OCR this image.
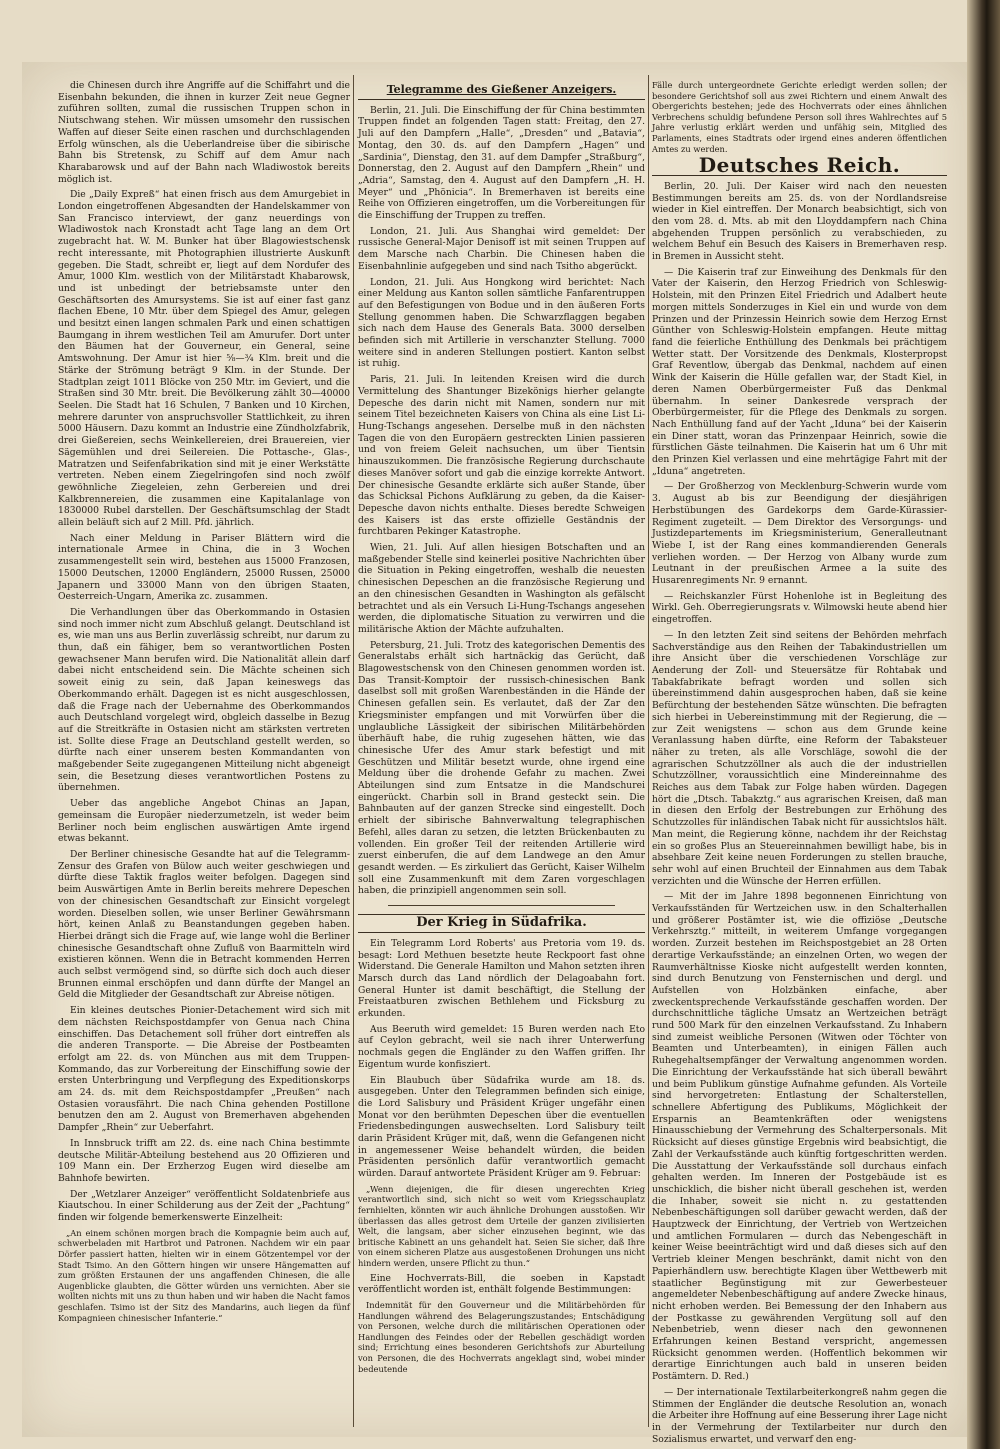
die Chinesen durch ihre Angriffe auf die Schiffahrt und die Eisenbahn bekunden, die ihnen in kurzer Zeit neue Gegner zuführen sollten, zumal die russischen Truppen schon in Niutschwang stehen. Wir müssen umsomehr den russischen Waffen auf dieser Seite einen raschen und durchschlagenden Erfolg wünschen, als die Ueberlandreise über die sibirische Bahn bis Stretensk, zu Schiff auf dem Amur nach Kharabarowsk und auf der Bahn nach Wladiwostok bereits möglich ist.

Die „Daily Expreß“ hat einen frisch aus dem Amurgebiet in London eingetroffenen Abgesandten der Handelskammer von San Francisco interviewt, der ganz neuerdings von Wladiwostok nach Kronstadt acht Tage lang an dem Ort zugebracht hat. W. M. Bunker hat über Blagowiestschensk recht interessante, mit Photographien illustrierte Auskunft gegeben. Die Stadt, schreibt er, liegt auf dem Nordufer des Amur, 1000 Klm. westlich von der Militärstadt Khabarowsk, und ist unbedingt der betriebsamste unter den Geschäftsorten des Amursystems. Sie ist auf einer fast ganz flachen Ebene, 10 Mtr. über dem Spiegel des Amur, gelegen und besitzt einen langen schmalen Park und einen schattigen Baumgang in ihrem westlichen Teil am Amurufer. Dort unter den Bäumen hat der Gouverneur, ein General, seine Amtswohnung. Der Amur ist hier ⅝—¾ Klm. breit und die Stärke der Strömung beträgt 9 Klm. in der Stunde. Der Stadtplan zeigt 1011 Blöcke von 250 Mtr. im Geviert, und die Straßen sind 30 Mtr. breit. Die Bevölkerung zählt 30—40000 Seelen. Die Stadt hat 16 Schulen, 7 Banken und 10 Kirchen, mehrere darunter von anspruchsvoller Stattlichkeit, zu ihren 5000 Häusern. Dazu kommt an Industrie eine Zündholzfabrik, drei Gießereien, sechs Weinkellereien, drei Brauereien, vier Sägemühlen und drei Seilereien. Die Pottasche-, Glas-, Matratzen und Seifenfabrikation sind mit je einer Werkstätte vertreten. Neben einem Ziegelringofen sind noch zwölf gewöhnliche Ziegeleien, zehn Gerbereien und drei Kalkbrennereien, die zusammen eine Kapitalanlage von 1830000 Rubel darstellen. Der Geschäftsumschlag der Stadt allein beläuft sich auf 2 Mill. Pfd. jährlich.

Nach einer Meldung in Pariser Blättern wird die internationale Armee in China, die in 3 Wochen zusammengestellt sein wird, bestehen aus 15000 Franzosen, 15000 Deutschen, 12000 Engländern, 25000 Russen, 25000 Japanern und 33000 Mann von den übrigen Staaten, Oesterreich-Ungarn, Amerika zc. zusammen.

Die Verhandlungen über das Oberkommando in Ostasien sind noch immer nicht zum Abschluß gelangt. Deutschland ist es, wie man uns aus Berlin zuverlässig schreibt, nur darum zu thun, daß ein fähiger, bem so verantwortlichen Posten gewachsener Mann berufen wird. Die Nationalität allein darf dabei nicht entscheidend sein. Die Mächte scheinen sich soweit einig zu sein, daß Japan keineswegs das Oberkommando erhält. Dagegen ist es nicht ausgeschlossen, daß die Frage nach der Uebernahme des Oberkommandos auch Deutschland vorgelegt wird, obgleich dasselbe in Bezug auf die Streitkräfte in Ostasien nicht am stärksten vertreten ist. Sollte diese Frage an Deutschland gestellt werden, so dürfte nach einer unserem besten Kommandanten von maßgebender Seite zugegangenen Mitteilung nicht abgeneigt sein, die Besetzung dieses verantwortlichen Postens zu übernehmen.

Ueber das angebliche Angebot Chinas an Japan, gemeinsam die Europäer niederzumetzeln, ist weder beim Berliner noch beim englischen auswärtigen Amte irgend etwas bekannt.

Der Berliner chinesische Gesandte hat auf die Telegramm-Zensur des Grafen von Bülow auch weiter geschwiegen und dürfte diese Taktik fraglos weiter befolgen. Dagegen sind beim Auswärtigen Amte in Berlin bereits mehrere Depeschen von der chinesischen Gesandtschaft zur Einsicht vorgelegt worden. Dieselben sollen, wie unser Berliner Gewährsmann hört, keinen Anlaß zu Beanstandungen gegeben haben. Hierbei drängt sich die Frage auf, wie lange wohl die Berliner chinesische Gesandtschaft ohne Zufluß von Baarmitteln wird existieren können. Wenn die in Betracht kommenden Herren auch selbst vermögend sind, so dürfte sich doch auch dieser Brunnen einmal erschöpfen und dann dürfte der Mangel an Geld die Mitglieder der Gesandtschaft zur Abreise nötigen.

Ein kleines deutsches Pionier-Detachement wird sich mit dem nächsten Reichspostdampfer von Genua nach China einschiffen. Das Detachement soll früher dort eintreffen als die anderen Transporte. — Die Abreise der Postbeamten erfolgt am 22. ds. von München aus mit dem Truppen-Kommando, das zur Vorbereitung der Einschiffung sowie der ersten Unterbringung und Verpflegung des Expeditionskorps am 24. ds. mit dem Reichspostdampfer „Preußen“ nach Ostasien vorausfährt. Die nach China gehenden Postillone benutzen den am 2. August von Bremerhaven abgehenden Dampfer „Rhein“ zur Ueberfahrt.

In Innsbruck trifft am 22. ds. eine nach China bestimmte deutsche Militär-Abteilung bestehend aus 20 Offizieren und 109 Mann ein. Der Erzherzog Eugen wird dieselbe am Bahnhofe bewirten.

Der „Wetzlarer Anzeiger“ veröffentlicht Soldatenbriefe aus Kiautschou. In einer Schilderung aus der Zeit der „Pachtung“ finden wir folgende bemerkenswerte Einzelheit:

„An einem schönen morgen brach die Kompagnie beim auch auf, schwerbeladen mit Hartbrot und Patronen. Nachdem wir ein paar Dörfer passiert hatten, hielten wir in einem Götzentempel vor der Stadt Tsimo. An den Göttern hingen wir unsere Hängematten auf zum größten Erstaunen der uns angaffenden Chinesen, die alle Augenblicke glaubten, die Götter würden uns vernichten. Aber sie wollten nichts mit uns zu thun haben und wir haben die Nacht famos geschlafen. Tsimo ist der Sitz des Mandarins, auch liegen da fünf Kompagnieen chinesischer Infanterie.“

Telegramme des Gießener Anzeigers.

Berlin, 21. Juli. Die Einschiffung der für China bestimmten Truppen findet an folgenden Tagen statt: Freitag, den 27. Juli auf den Dampfern „Halle“, „Dresden“ und „Batavia“, Montag, den 30. ds. auf den Dampfern „Hagen“ und „Sardinia“, Dienstag, den 31. auf dem Dampfer „Straßburg“, Donnerstag, den 2. August auf den Dampfern „Rhein“ und „Adria“, Samstag, den 4. August auf den Dampfern „H. H. Meyer“ und „Phönicia“. In Bremerhaven ist bereits eine Reihe von Offizieren eingetroffen, um die Vorbereitungen für die Einschiffung der Truppen zu treffen.

London, 21. Juli. Aus Shanghai wird gemeldet: Der russische General-Major Denisoff ist mit seinen Truppen auf dem Marsche nach Charbin. Die Chinesen haben die Eisenbahnlinie aufgegeben und sind nach Tsitho abgerückt.

London, 21. Juli. Aus Hongkong wird berichtet: Nach einer Meldung aus Kanton sollen sämtliche Fanfarentruppen auf den Befestigungen von Bodue und in den äußeren Forts Stellung genommen haben. Die Schwarzflaggen begaben sich nach dem Hause des Generals Bata. 3000 derselben befinden sich mit Artillerie in verschanzter Stellung. 7000 weitere sind in anderen Stellungen postiert. Kanton selbst ist ruhig.

Paris, 21. Juli. In leitenden Kreisen wird die durch Vermittelung des Shantunger Bizekönigs hierher gelangte Depesche des darin nicht mit Namen, sondern nur mit seinem Titel bezeichneten Kaisers von China als eine List Li-Hung-Tschangs angesehen. Derselbe muß in den nächsten Tagen die von den Europäern gestreckten Linien passieren und von freiem Geleit nachsuchen, um über Tientsin hinauszukommen. Die französische Regierung durchschaute dieses Manöver sofort und gab die einzige korrekte Antwort. Der chinesische Gesandte erklärte sich außer Stande, über das Schicksal Pichons Aufklärung zu geben, da die Kaiser-Depesche davon nichts enthalte. Dieses beredte Schweigen des Kaisers ist das erste offizielle Geständnis der furchtbaren Pekinger Katastrophe.

Wien, 21. Juli. Auf allen hiesigen Botschaften und an maßgebender Stelle sind keinerlei positive Nachrichten über die Situation in Peking eingetroffen, weshalb die neuesten chinesischen Depeschen an die französische Regierung und an den chinesischen Gesandten in Washington als gefälscht betrachtet und als ein Versuch Li-Hung-Tschangs angesehen werden, die diplomatische Situation zu verwirren und die militärische Aktion der Mächte aufzuhalten.

Petersburg, 21. Juli. Trotz des kategorischen Dementis des Generalstabs erhält sich hartnäckig das Gerücht, daß Blagowestschensk von den Chinesen genommen worden ist. Das Transit-Komptoir der russisch-chinesischen Bank daselbst soll mit großen Warenbeständen in die Hände der Chinesen gefallen sein. Es verlautet, daß der Zar den Kriegsminister empfangen und mit Vorwürfen über die unglaubliche Lässigkeit der sibirischen Militärbehörden überhäuft habe, die ruhig zugesehen hätten, wie das chinesische Ufer des Amur stark befestigt und mit Geschützen und Militär besetzt wurde, ohne irgend eine Meldung über die drohende Gefahr zu machen. Zwei Abteilungen sind zum Entsatze in die Mandschurei eingerückt. Charbin soll in Brand gesteckt sein. Die Bahnbauten auf der ganzen Strecke sind eingestellt. Doch erhielt der sibirische Bahnverwaltung telegraphischen Befehl, alles daran zu setzen, die letzten Brückenbauten zu vollenden. Ein großer Teil der reitenden Artillerie wird zuerst einberufen, die auf dem Landwege an den Amur gesandt werden. — Es zirkuliert das Gerücht, Kaiser Wilhelm soll eine Zusammenkunft mit dem Zaren vorgeschlagen haben, die prinzipiell angenommen sein soll.

Der Krieg in Südafrika.

Ein Telegramm Lord Roberts' aus Pretoria vom 19. ds. besagt: Lord Methuen besetzte heute Reckpoort fast ohne Widerstand. Die Generale Hamilton und Mahon setzten ihren Marsch durch das Land nördlich der Delagoabahn fort. General Hunter ist damit beschäftigt, die Stellung der Freistaatburen zwischen Bethlehem und Ficksburg zu erkunden.

Aus Beeruth wird gemeldet: 15 Buren werden nach Eto auf Ceylon gebracht, weil sie nach ihrer Unterwerfung nochmals gegen die Engländer zu den Waffen griffen. Ihr Eigentum wurde konfisziert.

Ein Blaubuch über Südafrika wurde am 18. ds. ausgegeben. Unter den Telegrammen befinden sich einige, die Lord Salisbury und Präsident Krüger ungefähr einen Monat vor den berühmten Depeschen über die eventuellen Friedensbedingungen auswechselten. Lord Salisbury teilt darin Präsident Krüger mit, daß, wenn die Gefangenen nicht in angemessener Weise behandelt würden, die beiden Präsidenten persönlich dafür verantwortlich gemacht würden. Darauf antwortete Präsident Krüger am 9. Februar:

„Wenn diejenigen, die für diesen ungerechten Krieg verantwortlich sind, sich nicht so weit vom Kriegsschauplatz fernhielten, könnten wir auch ähnliche Drohungen ausstoßen. Wir überlassen das alles getrost dem Urteile der ganzen zivilisierten Welt, die langsam, aber sicher einzusehen beginnt, wie das britische Kabinett an uns gehandelt hat. Seien Sie sicher, daß Ihre von einem sicheren Platze aus ausgestoßenen Drohungen uns nicht hindern werden, unsere Pflicht zu thun.“

Eine Hochverrats-Bill, die soeben in Kapstadt veröffentlicht worden ist, enthält folgende Bestimmungen:

Indemnität für den Gouverneur und die Militärbehörden für Handlungen während des Belagerungszustandes; Entschädigung von Personen, welche durch die militärischen Operationen oder Handlungen des Feindes oder der Rebellen geschädigt worden sind; Errichtung eines besonderen Gerichtshofs zur Aburteilung von Personen, die des Hochverrats angeklagt sind, wobei minder bedeutende

Fälle durch untergeordnete Gerichte erledigt werden sollen; der besondere Gerichtshof soll aus zwei Richtern und einem Anwalt des Obergerichts bestehen; jede des Hochverrats oder eines ähnlichen Verbrechens schuldig befundene Person soll ihres Wahlrechtes auf 5 Jahre verlustig erklärt werden und unfähig sein, Mitglied des Parlaments, eines Stadtrats oder irgend eines anderen öffentlichen Amtes zu werden.

Deutsches Reich.

Berlin, 20. Juli. Der Kaiser wird nach den neuesten Bestimmungen bereits am 25. ds. von der Nordlandsreise wieder in Kiel eintreffen. Der Monarch beabsichtigt, sich von den vom 28. d. Mts. ab mit den Lloyddampfern nach China abgehenden Truppen persönlich zu verabschieden, zu welchem Behuf ein Besuch des Kaisers in Bremerhaven resp. in Bremen in Aussicht steht.

— Die Kaiserin traf zur Einweihung des Denkmals für den Vater der Kaiserin, den Herzog Friedrich von Schleswig-Holstein, mit den Prinzen Eitel Friedrich und Adalbert heute morgen mittels Sonderzuges in Kiel ein und wurde von dem Prinzen und der Prinzessin Heinrich sowie dem Herzog Ernst Günther von Schleswig-Holstein empfangen. Heute mittag fand die feierliche Enthüllung des Denkmals bei prächtigem Wetter statt. Der Vorsitzende des Denkmals, Klosterpropst Graf Reventlow, übergab das Denkmal, nachdem auf einen Wink der Kaiserin die Hülle gefallen war, der Stadt Kiel, in deren Namen Oberbürgermeister Fuß das Denkmal übernahm. In seiner Dankesrede versprach der Oberbürgermeister, für die Pflege des Denkmals zu sorgen. Nach Enthüllung fand auf der Yacht „Iduna“ bei der Kaiserin ein Diner statt, woran das Prinzenpaar Heinrich, sowie die fürstlichen Gäste teilnahmen. Die Kaiserin hat um 6 Uhr mit den Prinzen Kiel verlassen und eine mehrtägige Fahrt mit der „Iduna“ angetreten.

— Der Großherzog von Mecklenburg-Schwerin wurde vom 3. August ab bis zur Beendigung der diesjährigen Herbstübungen des Gardekorps dem Garde-Kürassier-Regiment zugeteilt. — Dem Direktor des Versorgungs- und Justizdepartements im Kriegsministerium, Generalleutnant Wiebe I, ist der Rang eines kommandierenden Generals verliehen worden. — Der Herzog von Albany wurde zum Leutnant in der preußischen Armee a la suite des Husarenregiments Nr. 9 ernannt.

— Reichskanzler Fürst Hohenlohe ist in Begleitung des Wirkl. Geh. Oberregierungsrats v. Wilmowski heute abend hier eingetroffen.

— In den letzten Zeit sind seitens der Behörden mehrfach Sachverständige aus den Reihen der Tabakindustriellen um ihre Ansicht über die verschiedenen Vorschläge zur Aenderung der Zoll- und Steuersätze für Rohtabak und Tabakfabrikate befragt worden und sollen sich übereinstimmend dahin ausgesprochen haben, daß sie keine Befürchtung der bestehenden Sätze wünschten. Die befragten sich hierbei in Uebereinstimmung mit der Regierung, die — zur Zeit wenigstens — schon aus dem Grunde keine Veranlassung haben dürfte, eine Reform der Tabaksteuer näher zu treten, als alle Vorschläge, sowohl die der agrarischen Schutzzöllner als auch die der industriellen Schutzzöllner, voraussichtlich eine Mindereinnahme des Reiches aus dem Tabak zur Folge haben würden. Dagegen hört die „Dtsch. Tabakztg.“ aus agrarischen Kreisen, daß man in diesen den Erfolg der Bestrebungen zur Erhöhung des Schutzzolles für inländischen Tabak nicht für aussichtslos hält. Man meint, die Regierung könne, nachdem ihr der Reichstag ein so großes Plus an Steuereinnahmen bewilligt habe, bis in absehbare Zeit keine neuen Forderungen zu stellen brauche, sehr wohl auf einen Bruchteil der Einnahmen aus dem Tabak verzichten und die Wünsche der Herren erfüllen.

— Mit der im Jahre 1898 begonnenen Einrichtung von Verkaufsständen für Wertzeichen usw. in den Schalterhallen und größerer Postämter ist, wie die offiziöse „Deutsche Verkehrsztg.“ mitteilt, in weiterem Umfange vorgegangen worden. Zurzeit bestehen im Reichspostgebiet an 28 Orten derartige Verkaufsstände; an einzelnen Orten, wo wegen der Raumverhältnisse Kioske nicht aufgestellt werden konnten, sind durch Benutzung von Fensternischen und dergl. und Aufstellen von Holzbänken einfache, aber zweckentsprechende Verkaufsstände geschaffen worden. Der durchschnittliche tägliche Umsatz an Wertzeichen beträgt rund 500 Mark für den einzelnen Verkaufsstand. Zu Inhabern sind zumeist weibliche Personen (Witwen oder Töchter von Beamten und Unterbeamten), in einigen Fällen auch Ruhegehaltsempfänger der Verwaltung angenommen worden. Die Einrichtung der Verkaufsstände hat sich überall bewährt und beim Publikum günstige Aufnahme gefunden. Als Vorteile sind hervorgetreten: Entlastung der Schalterstellen, schnellere Abfertigung des Publikums, Möglichkeit der Ersparnis an Beamtenkräften oder wenigstens Hinausschiebung der Vermehrung des Schalterpersonals. Mit Rücksicht auf dieses günstige Ergebnis wird beabsichtigt, die Zahl der Verkaufsstände auch künftig fortgeschritten werden. Die Ausstattung der Verkaufsstände soll durchaus einfach gehalten werden. Im Inneren der Postgebäude ist es unschicklich, die bisher nicht überall geschehen ist, werden die Inhaber, soweit sie nicht n. zu gestattenden Nebenbeschäftigungen soll darüber gewacht werden, daß der Hauptzweck der Einrichtung, der Vertrieb von Wertzeichen und amtlichen Formularen — durch das Nebengeschäft in keiner Weise beeinträchtigt wird und daß dieses sich auf den Vertrieb kleiner Mengen beschränkt, damit nicht von den Papierhändlern usw. berechtigte Klagen über Wettbewerb mit staatlicher Begünstigung mit zur Gewerbesteuer angemeldeter Nebenbeschäftigung auf andere Zwecke hinaus, nicht erhoben werden. Bei Bemessung der den Inhabern aus der Postkasse zu gewährenden Vergütung soll auf den Nebenbetrieb, wenn dieser nach den gewonnenen Erfahrungen keinen Bestand verspricht, angemessen Rücksicht genommen werden. (Hoffentlich bekommen wir derartige Einrichtungen auch bald in unseren beiden Postämtern. D. Red.)

— Der internationale Textilarbeiterkongreß nahm gegen die Stimmen der Engländer die deutsche Resolution an, wonach die Arbeiter ihre Hoffnung auf eine Besserung ihrer Lage nicht in der Vermehrung der Textilarbeiter nur durch den Sozialismus erwartet, und verwarf den eng-
